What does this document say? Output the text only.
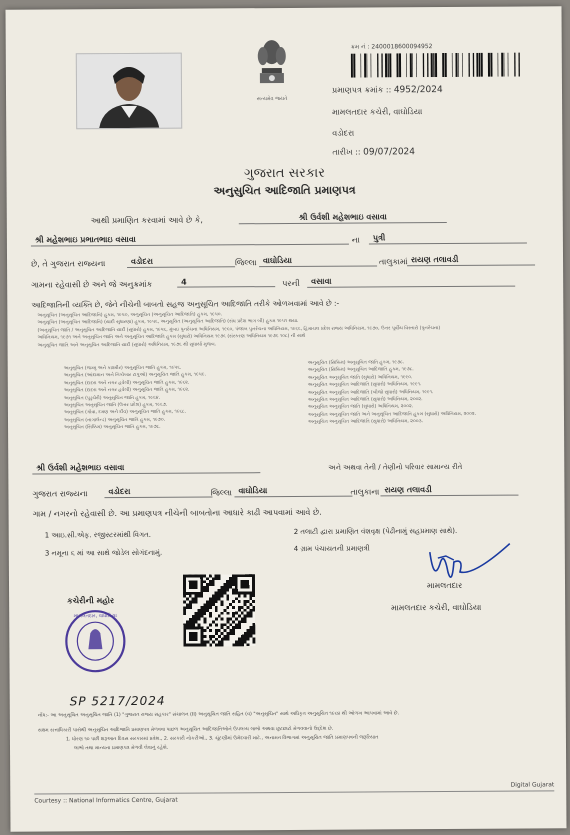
સત્યમેવ જયતે
ક્રમ નં : 2400018600094952
પ્રમાણપત્ર ક્રમાંક :: 4952/2024
મામલતદાર કચેરી, વાઘોડિયા
વડોદરા
તારીખ :: 09/07/2024
ગુજરાત સરકાર
અનુસુચિત આદિજાતિ પ્રમાણપત્ર
આથી પ્રમાણિત કરવામાં આવે છે કે,	શ્રી ઉર્વશી મહેશભાઇ વસાવા
શ્રી મહેશભાઇ પ્રભાતભાઇ વસાવા	ના	પુત્રી
છે, તે ગુજરાત રાજ્યના	વડોદરા	જિલ્લા વાઘોડિયા	તાલુકામાં રાયણ તલાવડી
ગામના રહેવાસી છે અને જે અનુક્રમાંક	4	પરની	વસાવા
આદિજાતિની વ્યક્તિ છે, જેને નીચેની બાબતો સહજ અનુસૂચિત આદિજાતિ તરીકે ઓળખવામાં આવે છે :-
અનુસૂચિત (અનુસૂચિત આદિજાતિ) હુકમ, ૧૯૫૦, અનુસૂચિત (અનુસૂચિત આદિજાતિ) હુકમ, ૧૯૫૦.
અનુસૂચિત (અનુસૂચિત આદિજાતિ) (યાદી સુધારણા) હુકમ, ૧૯૫૬, અનુસૂચિત (અનુસૂચિત આદિજાતિ) (સંઘ પ્રદેશ ભાગ બી) હુકમ ૧૯૫૧ થયા.
(અનુસૂચિત જાતિ / અનુસૂચિત આદિજાતિ યાદી (સુધારો) હુકમ, ૧૯૫૬, મુંબઇ પુનર્રચના અધિનિયમ, ૧૯૬૦, પંજાબ પુનર્રચના અધિનિયમ, ૧૯૬૬, હિમાચલ પ્રદેશ રાજ્ય અધિનિયમ, ૧૯૭૦, ઉત્તર પૂર્વીય વિસ્તારો (પુનર્રચના)
અધિનિયમ, ૧૯૭૧ અને અનુસૂચિત જાતિ અને અનુસૂચિત આદિજાતિ હુકમ (સુધારો) અધિનિયમ ૧૯૭૬ (સંસ્કરણ અધિનિયમ ૧૯૭૬ ૧૦૮) ની સાથે
અનુસૂચિત જાતિ અને અનુસૂચિત આદિજાતિ યાદી (સુધારો) અધિનિયમ, ૧૯૭૬ થી સુધાર્યા મુજબ.
અનુસૂચિત (જમ્મુ અને કાશ્મીર) અનુસૂચિત જાતિ હુકમ, ૧૯૫૬.
અનુસૂચિત (આંદામાન અને નિકોબાર ટાપુઓ) અનુસૂચિત જાતિ હુકમ, ૧૯૫૯.
અનુસૂચિત (દાદરા અને નગર હવેલી) અનુસૂચિત જાતિ હુકમ, ૧૯૬૨.
અનુસૂચિત (દાદરા અને નગર હવેલી) અનુસૂચિત જાતિ હુકમ, ૧૯૬૨.
અનુસૂચિત (પુડુચેરી) અનુસૂચિત જાતિ હુકમ, ૧૯૬૪.
અનુસૂચિત અનુસૂચિત જાતિ (ઉત્તર પ્રદેશ) હુકમ, ૧૯૬૭.
અનુસૂચિત (ગોવા, દમણ અને દીવ) અનુસૂચિત જાતિ હુકમ, ૧૯૬૮.
અનુસૂચિત (નાગાલેન્ડ) અનુસૂચિત જાતિ હુકમ, ૧૯૭૦.
અનુસૂચિત (સિક્કિમ) અનુસૂચિત જાતિ હુકમ, ૧૯૭૮.
અનુસૂચિત (સિક્કિમ) અનુસૂચિત જાતિ હુકમ, ૧૯૭૮.
અનુસૂચિત (સિક્કિમ) અનુસૂચિત આદિજાતિ હુકમ, ૧૯૭૮.
અનુસૂચિત અનુસૂચિત જાતિ (સુધારો) અધિનિયમ, ૧૯૯૦.
અનુસૂચિત અનુસૂચિત આદિજાતિ (સુધારો) અધિનિયમ, ૧૯૯૧.
અનુસૂચિત અનુસૂચિત આદિજાતિ (બીજો સુધારો) અધિનિયમ, ૧૯૯૧.
અનુસૂચિત અનુસૂચિત આદિજાતિ (સુધારો) અધિનિયમ, ૨૦૦૨.
અનુસૂચિત અનુસૂચિત જાતિ (સુધારો) અધિનિયમ, ૨૦૦૨.
અનુસૂચિત અનુસૂચિત જાતિ અને અનુસૂચિત આદિજાતિ હુકમ (સુધારો) અધિનિયમ, ૨૦૦૨.
અનુસૂચિત અનુસૂચિત આદિજાતિ (સુધારો) અધિનિયમ, ૨૦૦૩.
શ્રી ઉર્વશી મહેશભાઇ વસાવા	અને અથવા તેની / તેણીનો પરિવાર સામાન્ય રીતે
ગુજરાત રાજ્યના	વડોદરા	જિલ્લા વાઘોડિયા	તાલુકાના રાયણ તલાવડી
ગામ / નગરનો રહેવાસી છે. આ પ્રમાણપત્ર નીચેની બાબતોના આધારે કાઢી આપવામાં આવે છે.
1 આઇ.સી.એફ. રજીસ્ટરમાંથી વિગત.	2 તલાટી દ્વારા પ્રમાણિત વંશવૃક્ષ (પેઢીનામું સહપ્રમાણ સાથે).
3 નમૂના ૬ માં આ સાથે જોડેલ સોગંદનામું.
4 ગ્રામ પંચાયતની પ્રમાણત્રી
મામલતદાર
મામલતદાર કચેરી, વાઘોડિયા
કચેરીની મહોર
મામલતદાર, વાઘોડિયા
SP 5217/2024
નોંધ:- આ અનુસૂચિત અનુસૂચિત જાતિ (1) "ગુજરાત રાજ્ય સહકાર" સંચાલન (II) અનુસૂચિત જાતિ સહિત (વ) "અનુસૂચિત" સાથે અધિકૃત અનુસૂચિત ૧૯૬૪ થી ઓળખ આપવામાં આવે છે.
સક્ષમ સત્તાધિકારી પાસેથી અનુસૂચિત આદિજાતિ પ્રમાણપત્ર મેળવવા પાછળ અનુસૂચિત આદિજાતિઓને ઉપલબ્ધ લાભો અથવા છૂટછાટો મેળવવાનો ઉદ્દેશ છે.
1. ધોરણ ૧૦ પછી શરૂઆત દિવસ સરકારમાં પ્રવેશ., 2. સરકારી નોકરીઓ., 3. ચૂંટણીમાં ઉમેદવારી માટે., અનામત વિભાગમાં અનુસૂચિત જાતિ પ્રમાણપત્રની જરૂરિયાત
લાભો તથા માન્યતા પ્રમાણપત્ર મેળવી લેવાનું રહેશે.
Courtesy :: National Informatics Centre, Gujarat
Digital Gujarat
